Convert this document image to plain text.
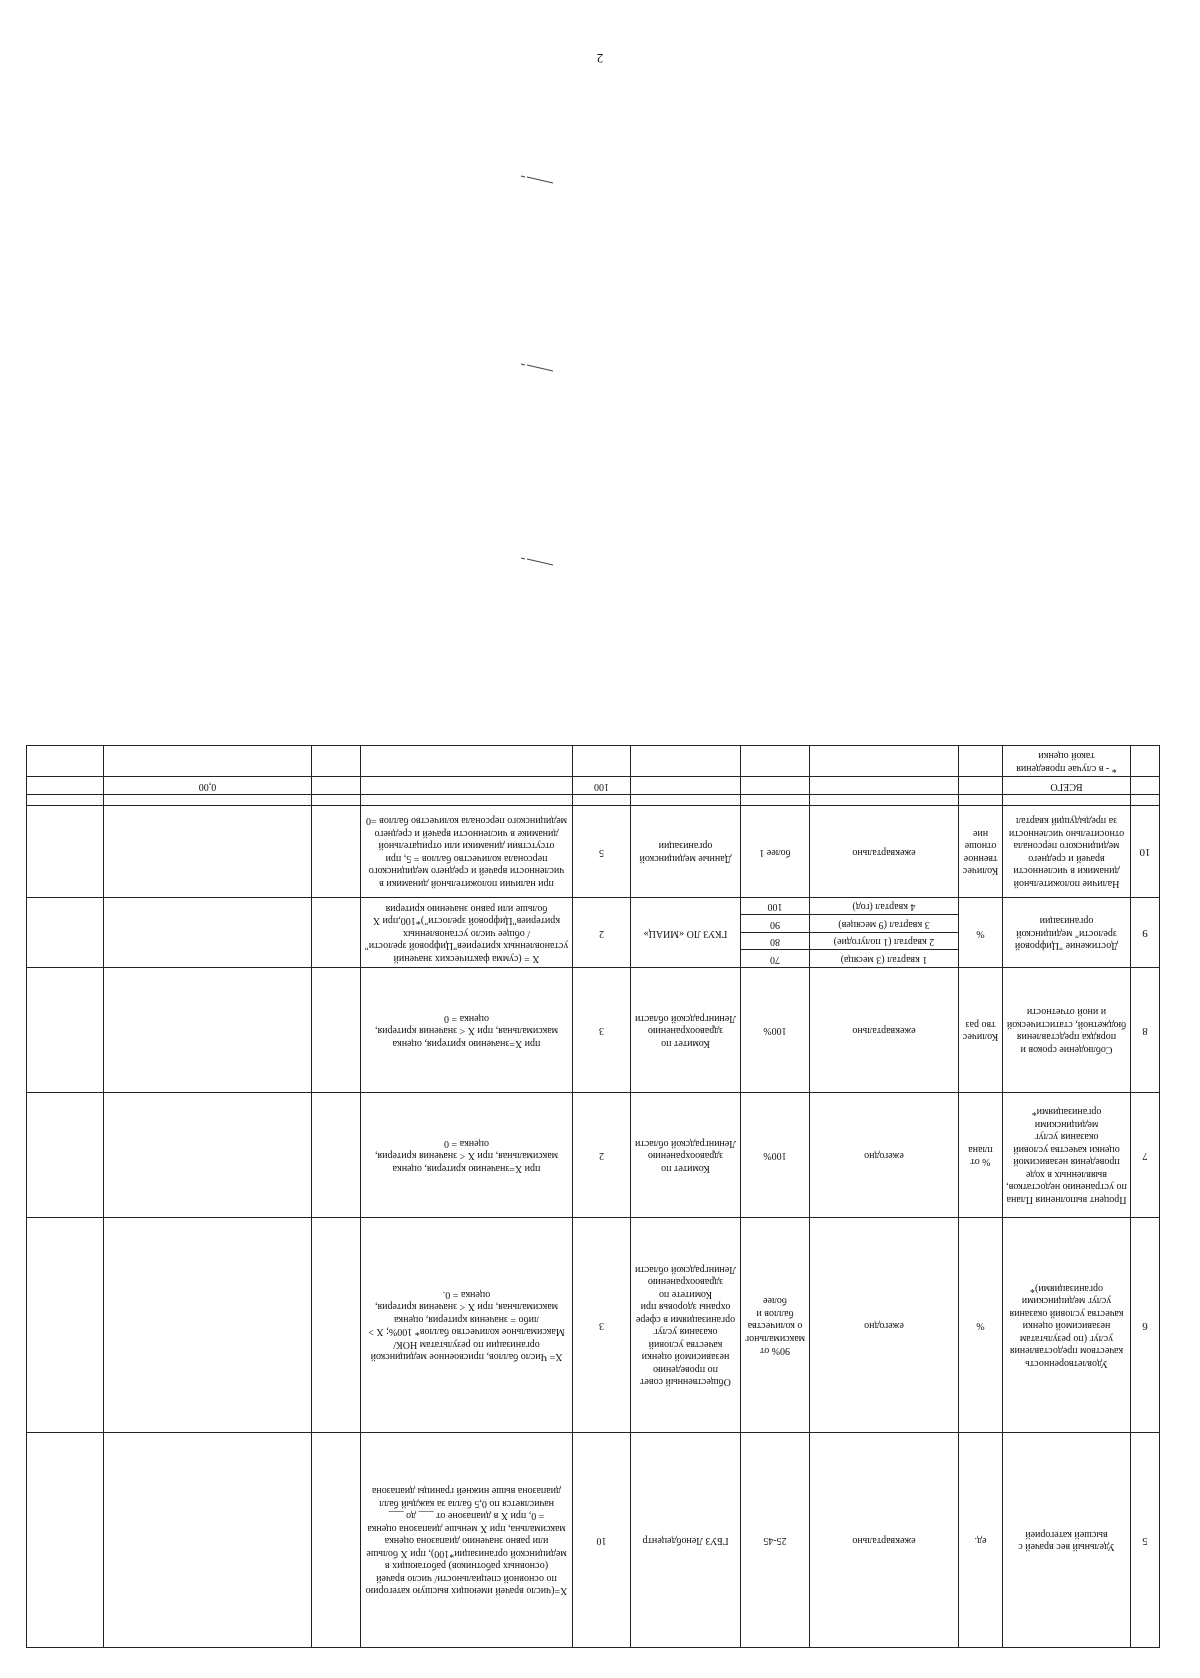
2
5	Удельный вес врачей с высшей категорией	ед.	ежеквартально	25-45	ГБУЗ Ленобдецентр	10	X=(число врачей имеющих высшую категорию по основной специальности/ число врачей (основных работников) работающих в медицинской организации*100), при X больше или равно значению диапазона оценка максимальна, при X меньше диапазона оценка = 0, при X в диапазоне от ___ до ___ начисляется по 0,5 балла за каждый балл диапазона выше нижней границы диапазона			
6	Удовлетворенность качеством предоставления услуг (по результатам независимой оценки качества условий оказания услуг медицинскими организациями)*	%	ежегодно	90% от максимального количества баллов и более	Общественный совет по проведению независимой оценки качества условий оказания услуг организациями в сфере охраны здоровья при Комитете по здравоохранению Ленинградской области	3	X= Число баллов, присвоенное медицинской организации по результатам НОК/Максимальное количество баллов* 100%; X > либо = значения критерия, оценка максимальная, при X < значения критерия, оценка = 0.			
7	Процент выполнения Плана по устранению недостатков, выявленных в ходе проведения независимой оценки качества условий оказания услуг медицинскими организациями*	% от плана	ежегодно	100%	Комитет по здравоохранению Ленинградской области	2	при X=значению критерия, оценка максимальная, при X < значения критерия, оценка = 0			
8	Соблюдение сроков и порядка представления бюджетной, статистической и иной отчетности	Количество раз	ежеквартально	100%	Комитет по здравоохранению Ленинградской области	3	при X=значению критерия, оценка максимальная, при X < значения критерия, оценка = 0			
9	Достижение "Цифровой зрелости" медицинской организации	%	1 квартал (3 месяца)	70	ГКУЗ ЛО «МИАЦ»	2	X = (сумма фактических значений установленных критериев"Цифровой зрелости" / общее число установленных критериев"Цифровой зрелости")*100,при X больше или равно значению критерия			
			2 квартал (1 полугодие)	80						
			3 квартал (9 месяцев)	90						
			4 квартал (год)	100						
10	Наличие положительной динамики в численности врачей и среднего медицинского персонала относительно численности за предыдущий квартал	Количественное отношение	ежеквартально	более 1	Данные медицинской организации	5	при наличии положительной динамики в численности врачей и среднего медицинского персонала количество баллов = 5, при отсутствии динамики или отрицательной динамике в численности врачей и среднего медицинского персонала количество баллов =0			

	ВСЕГО					100			0,00	
	* - в случае проведения такой оценки									
